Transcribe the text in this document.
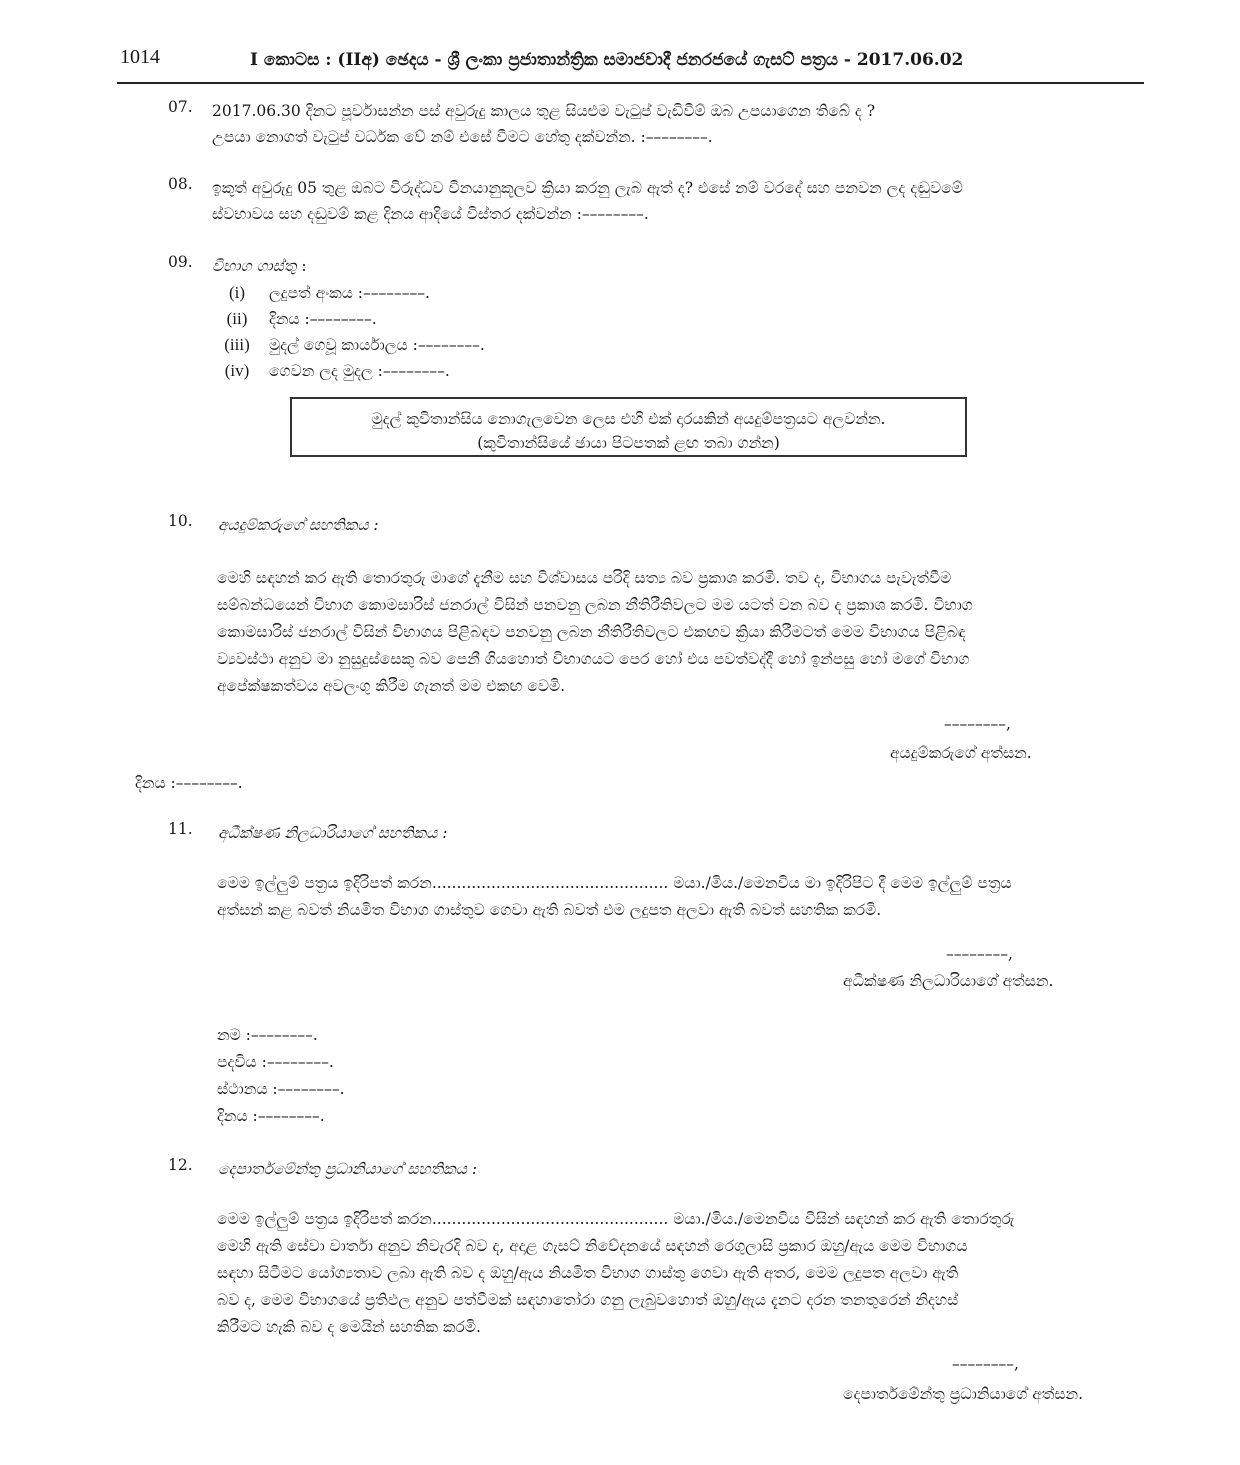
1014	I කොටස : (IIඅ) ඡෙදය - ශ්‍රී ලංකා ප්‍රජාතාන්ත්‍රික සමාජවාදී ජනරජයේ ගැසට් පත්‍රය - 2017.06.02
07.	2017.06.30 දිනට පූර්වාසන්න පස් අවුරුදු කාලය තුළ සියළුම වැටුප් වැඩිවීම් ඔබ උපයාගෙන තිබේ ද ?
උපයා නොගත් වැටුප් වර්ධක වේ නම් එසේ වීමට හේතු දක්වන්න. :––––––––.
08.	ඉකුත් අවුරුදු 05 තුළ ඔබට විරුද්ධව විනයානුකූලව ක්‍රියා කරනු ලැබ ඇත් ද? එසේ නම් වරදේ සහ පනවන ලද දඬුවමේ
ස්වභාවය සහ දඬුවම් කළ දිනය ආදියේ විස්තර දක්වන්න :––––––––.
09.	විභාග ගාස්තු :
(i) ලදුපත් අංකය :––––––––.
(ii) දිනය :––––––––.
(iii) මුදල් ගෙවූ කාර්යාලය :––––––––.
(iv) ගෙවන ලද මුදල :––––––––.
මුදල් කුවිතාන්සිය නොගැලවෙන ලෙස එහි එක් දාරයකින් අයදුම්පත්‍රයට අලවන්න.
(කුවිතාන්සියේ ඡායා පිටපතක් ළඟ තබා ගන්න)
10.	අයදුම්කරුගේ සහතිකය :
මෙහි සඳහන් කර ඇති තොරතුරු මාගේ දැනීම සහ විශ්වාසය පරිදි සත්‍ය බව ප්‍රකාශ කරමි. තව ද, විභාගය පැවැත්වීම
සම්බන්ධයෙන් විභාග කොමසාරිස් ජනරාල් විසින් පනවනු ලබන නීතිරීතිවලට මම යටත් වන බව ද ප්‍රකාශ කරමි. විභාග
කොමසාරිස් ජනරාල් විසින් විභාගය පිළිබඳව පනවනු ලබන නීතිරීතිවලට එකඟව ක්‍රියා කිරීමටත් මෙම විභාගය පිළිබඳ
ව්‍යවස්ථා අනුව මා නුසුදුස්සෙකු බව පෙනී ගියහොත් විභාගයට පෙර හෝ එය පවත්වද්දී හෝ ඉන්පසු හෝ මගේ විභාග
අපේක්ෂකත්වය අවලංගු කිරීම ගැනත් මම එකඟ වෙමි.
––––––––,
අයදුම්කරුගේ අත්සන.
දිනය :––––––––.
11.	අධීක්ෂණ නිලධාරියාගේ සහතිකය :
මෙම ඉල්ලුම් පත්‍රය ඉදිරිපත් කරන................................................ මයා./මිය./මෙනවිය මා ඉදිරිපිට දී මෙම ඉල්ලුම් පත්‍රය
අත්සන් කළ බවත් නියමිත විභාග ගාස්තුව ගෙවා ඇති බවත් එම ලදුපත අලවා ඇති බවත් සහතික කරමි.
––––––––,
අධීක්ෂණ නිලධාරියාගේ අත්සන.
නම :––––––––.
පදවිය :––––––––.
ස්ථානය :––––––––.
දිනය :––––––––.
12.	දෙපාර්තමේන්තු ප්‍රධානියාගේ සහතිකය :
මෙම ඉල්ලුම් පත්‍රය ඉදිරිපත් කරන................................................ මයා./මිය./මෙනවිය විසින් සඳහන් කර ඇති තොරතුරු
මෙහි ඇති සේවා වාර්තා අනුව නිවැරදි බව ද, අදාළ ගැසට් නිවේදනයේ සඳහන් රෙගුලාසි ප්‍රකාර ඔහු/ඇය මෙම විභාගය
සඳහා සිටීමට යෝග්‍යතාව ලබා ඇති බව ද ඔහු/ඇය නියමිත විභාග ගාස්තු ගෙවා ඇති අතර, මෙම ලදුපත අලවා ඇති
බව ද, මෙම විභාගයේ ප්‍රතිඵල අනුව පත්වීමක් සඳහාතෝරා ගනු ලැබුවහොත් ඔහු/ඇය දැනට දරන තනතුරෙන් නිදහස්
කිරීමට හැකි බව ද මෙයින් සහතික කරමි.
––––––––,
දෙපාර්තමේන්තු ප්‍රධානියාගේ අත්සන.
